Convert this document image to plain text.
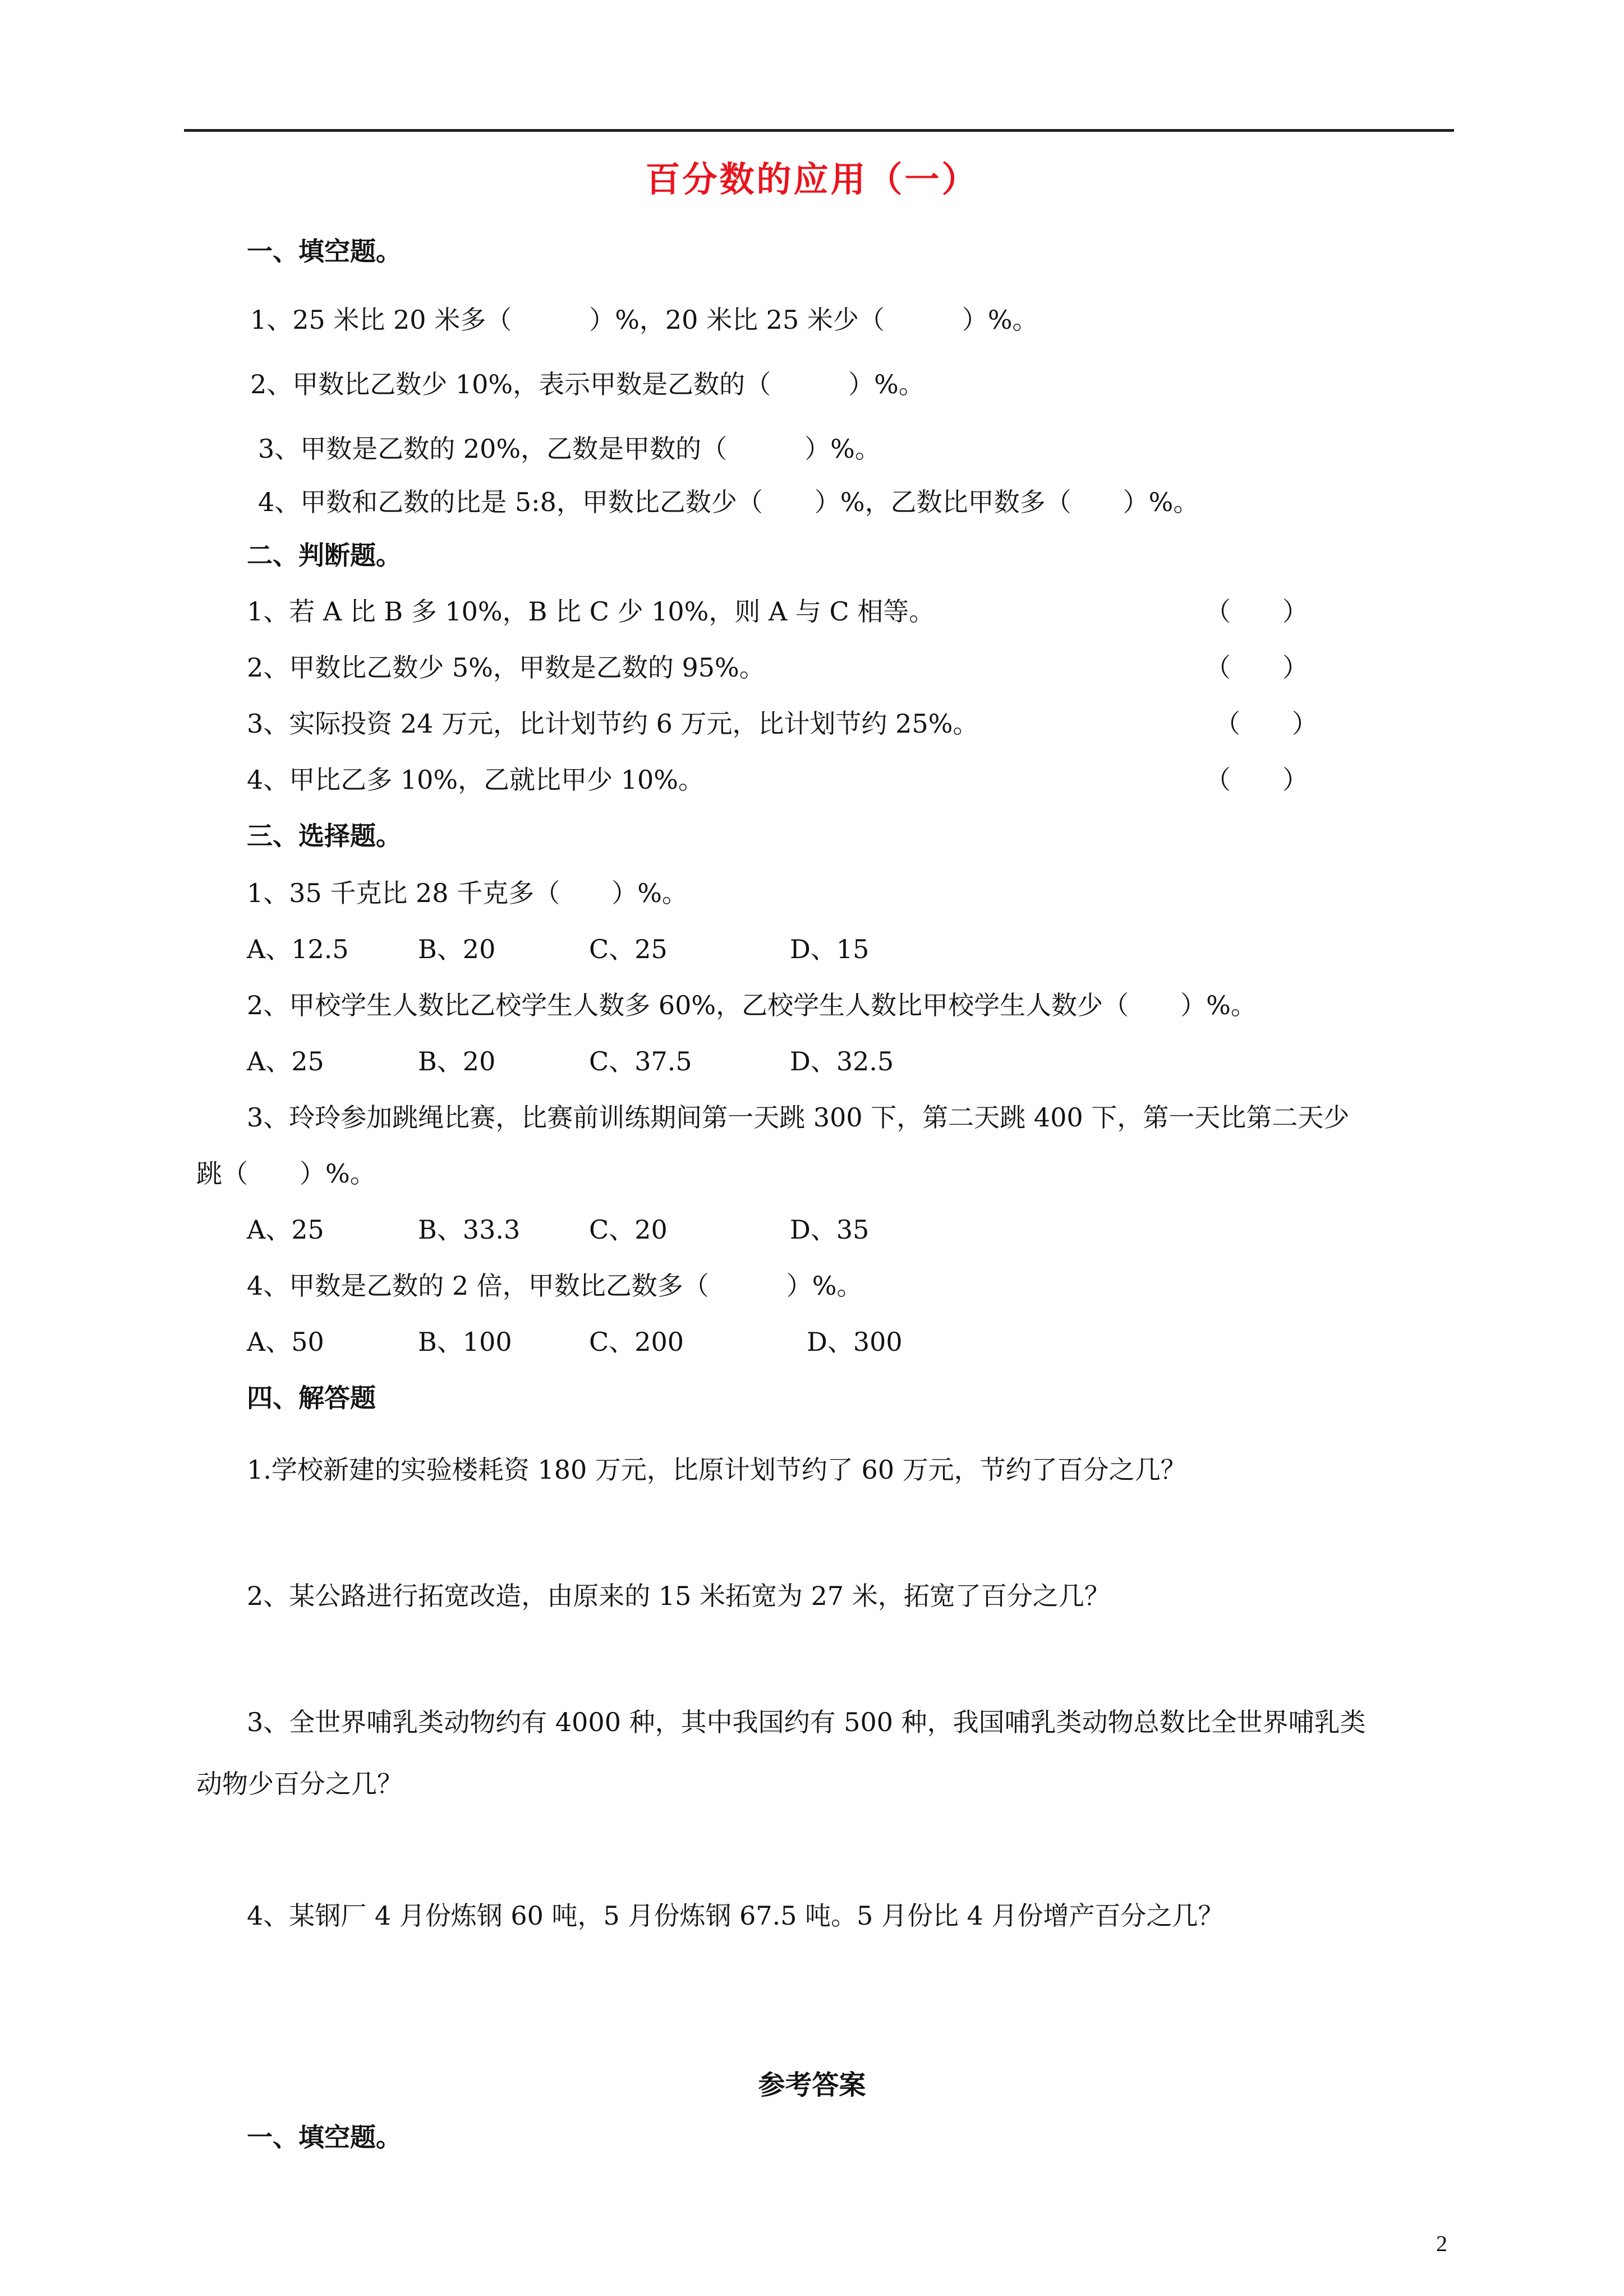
百分数的应用（一）
一、填空题。
1、25 米比 20 米多（　　　）%，20 米比 25 米少（　　　）%。
2、甲数比乙数少 10%，表示甲数是乙数的（　　　）%。
3、甲数是乙数的 20%，乙数是甲数的（　　　）%。
4、甲数和乙数的比是 5:8，甲数比乙数少（　　）%，乙数比甲数多（　　）%。
二、判断题。
1、若 A 比 B 多 10%，B 比 C 少 10%，则 A 与 C 相等。	（　　）
2、甲数比乙数少 5%，甲数是乙数的 95%。	（　　）
3、实际投资 24 万元，比计划节约 6 万元，比计划节约 25%。	（　　）
4、甲比乙多 10%，乙就比甲少 10%。	（　　）
三、选择题。
1、35 千克比 28 千克多（　　）%。
A、12.5	B、20	C、25	D、15
2、甲校学生人数比乙校学生人数多 60%，乙校学生人数比甲校学生人数少（　　）%。
A、25	B、20	C、37.5	D、32.5
3、玲玲参加跳绳比赛，比赛前训练期间第一天跳 300 下，第二天跳 400 下，第一天比第二天少
跳（　　）%。
A、25	B、33.3	C、20	D、35
4、甲数是乙数的 2 倍，甲数比乙数多（　　　）%。
A、50	B、100	C、200	D、300
四、解答题
1.学校新建的实验楼耗资 180 万元，比原计划节约了 60 万元，节约了百分之几？
2、某公路进行拓宽改造，由原来的 15 米拓宽为 27 米，拓宽了百分之几？
3、全世界哺乳类动物约有 4000 种，其中我国约有 500 种，我国哺乳类动物总数比全世界哺乳类
动物少百分之几？
4、某钢厂 4 月份炼钢 60 吨，5 月份炼钢 67.5 吨。5 月份比 4 月份增产百分之几？
参考答案
一、填空题。
2
